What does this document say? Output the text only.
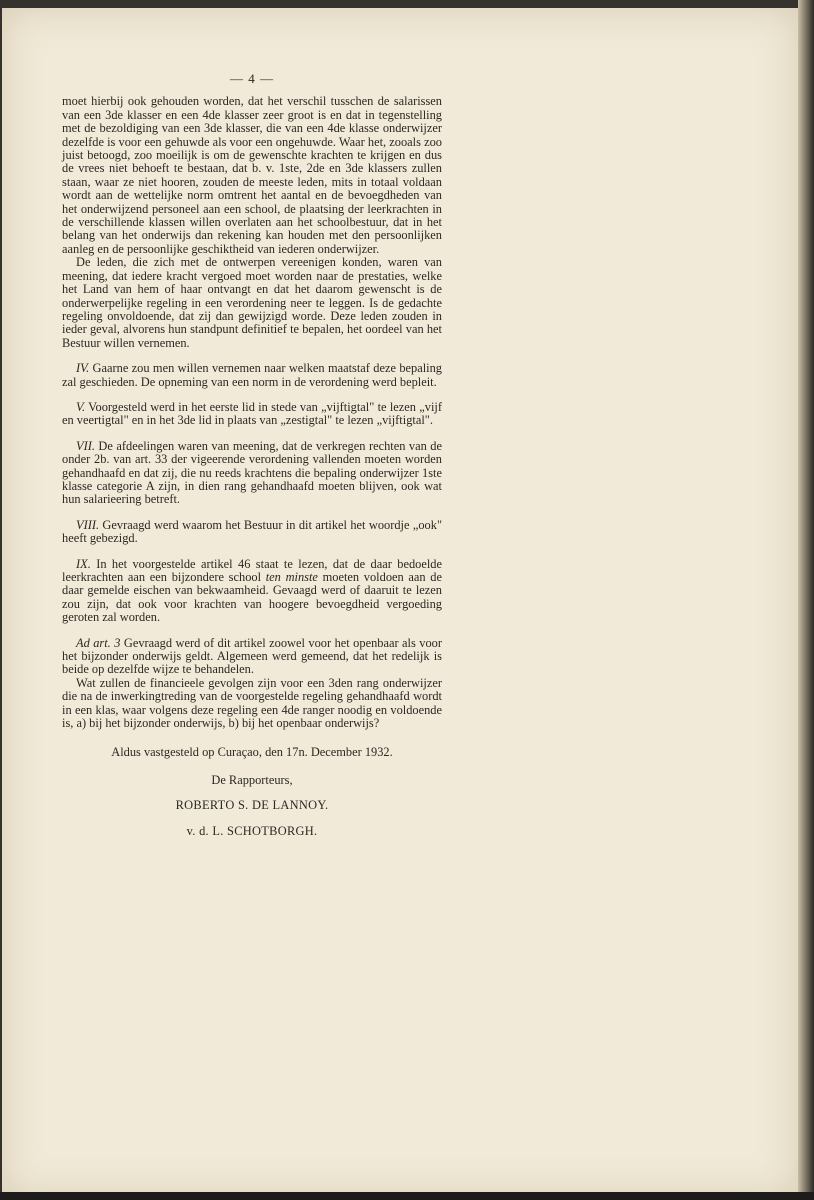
— 4 —

moet hierbij ook gehouden worden, dat het verschil tusschen de salarissen van een 3de klasser en een 4de klasser zeer groot is en dat in tegenstelling met de bezoldiging van een 3de klasser, die van een 4de klasse onderwijzer dezelfde is voor een gehuwde als voor een ongehuwde. Waar het, zooals zoo juist betoogd, zoo moeilijk is om de gewenschte krachten te krijgen en dus de vrees niet behoeft te bestaan, dat b. v. 1ste, 2de en 3de klassers zullen staan, waar ze niet hooren, zouden de meeste leden, mits in totaal voldaan wordt aan de wettelijke norm omtrent het aantal en de bevoegdheden van het onderwijzend personeel aan een school, de plaatsing der leerkrachten in de verschillende klassen willen overlaten aan het schoolbestuur, dat in het belang van het onderwijs dan rekening kan houden met den persoonlijken aanleg en de persoonlijke geschiktheid van iederen onderwijzer.

De leden, die zich met de ontwerpen vereenigen konden, waren van meening, dat iedere kracht vergoed moet worden naar de prestaties, welke het Land van hem of haar ontvangt en dat het daarom gewenscht is de onderwerpelijke regeling in een verordening neer te leggen. Is de gedachte regeling onvoldoende, dat zij dan gewijzigd worde. Deze leden zouden in ieder geval, alvorens hun standpunt definitief te bepalen, het oordeel van het Bestuur willen vernemen.

IV. Gaarne zou men willen vernemen naar welken maatstaf deze bepaling zal geschieden. De opneming van een norm in de verordening werd bepleit.

V. Voorgesteld werd in het eerste lid in stede van „vijftigtal" te lezen „vijf en veertigtal" en in het 3de lid in plaats van „zestigtal" te lezen „vijftigtal".

VII. De afdeelingen waren van meening, dat de verkregen rechten van de onder 2b. van art. 33 der vigeerende verordening vallenden moeten worden gehandhaafd en dat zij, die nu reeds krachtens die bepaling onderwijzer 1ste klasse categorie A zijn, in dien rang gehandhaafd moeten blijven, ook wat hun salarieering betreft.

VIII. Gevraagd werd waarom het Bestuur in dit artikel het woordje „ook" heeft gebezigd.

IX. In het voorgestelde artikel 46 staat te lezen, dat de daar bedoelde leerkrachten aan een bijzondere school ten minste moeten voldoen aan de daar gemelde eischen van bekwaamheid. Gevaagd werd of daaruit te lezen zou zijn, dat ook voor krachten van hoogere bevoegdheid vergoeding geroten zal worden.

Ad art. 3 Gevraagd werd of dit artikel zoowel voor het openbaar als voor het bijzonder onderwijs geldt. Algemeen werd gemeend, dat het redelijk is beide op dezelfde wijze te behandelen.

Wat zullen de financieele gevolgen zijn voor een 3den rang onderwijzer die na de inwerkingtreding van de voorgestelde regeling gehandhaafd wordt in een klas, waar volgens deze regeling een 4de ranger noodig en voldoende is, a) bij het bijzonder onderwijs, b) bij het openbaar onderwijs?

Aldus vastgesteld op Curaçao, den 17n. December 1932.

De Rapporteurs,

ROBERTO S. DE LANNOY.

v. d. L. SCHOTBORGH.
